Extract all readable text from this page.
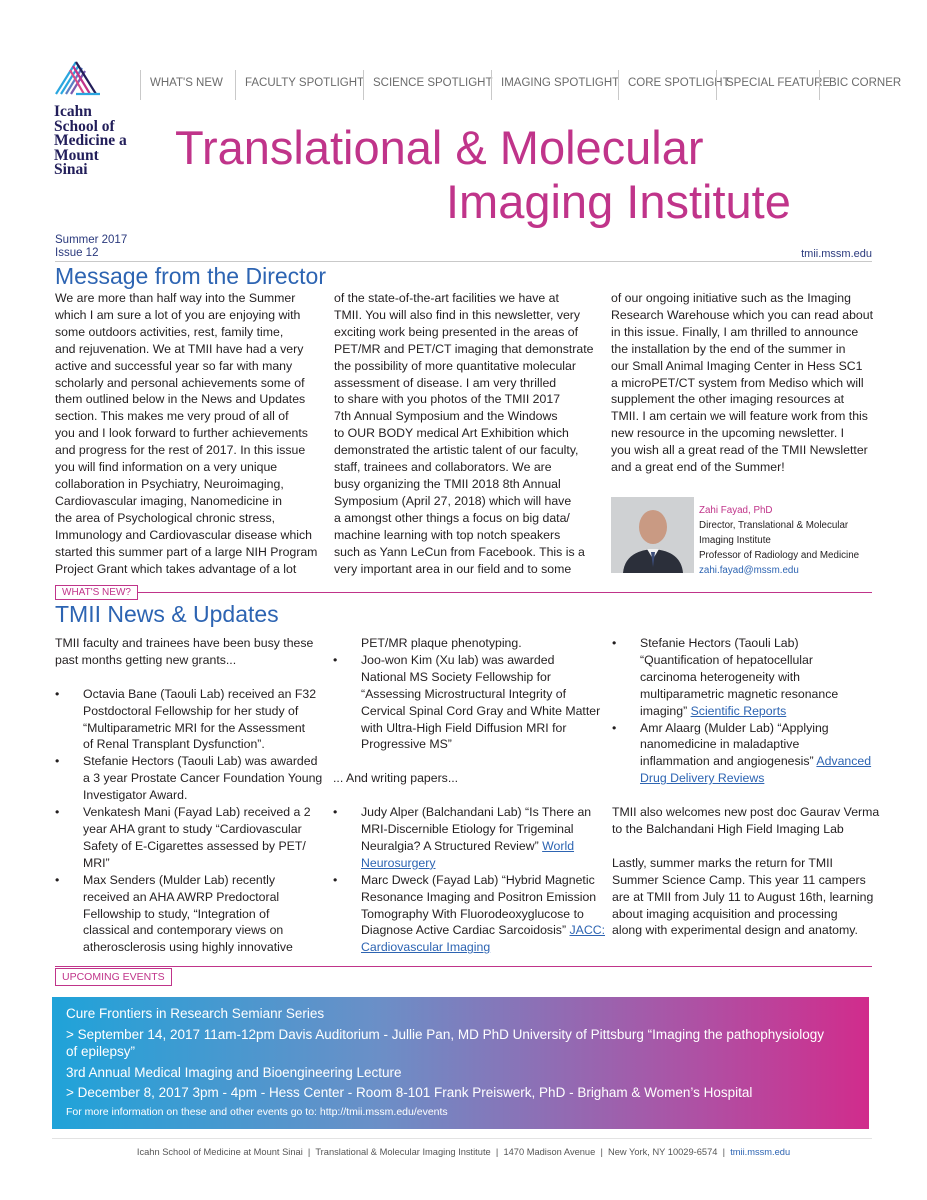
Icahn
School of
Medicine a
Mount
Sinai
WHAT'S NEW	FACULTY SPOTLIGHT SCIENCE SPOTLIGHT IMAGING SPOTLIGHT CORE SPOTLIGHT
SPECIAL FEATURE
BIC CORNER
Translational & Molecular
Imaging Institute
Summer 2017
Issue 12	tmii.mssm.edu
Message from the Director

We are more than half way into the Summer

which I am sure a lot of you are enjoying with

some outdoors activities, rest, family time,

and rejuvenation. We at TMII have had a very

active and successful year so far with many

scholarly and personal achievements some of

them outlined below in the News and Updates

section. This makes me very proud of all of

you and I look forward to further achievements

and progress for the rest of 2017. In this issue

you will find information on a very unique

collaboration in Psychiatry, Neuroimaging,

Cardiovascular imaging, Nanomedicine in

the area of Psychological chronic stress,

Immunology and Cardiovascular disease which

started this summer part of a large NIH Program

Project Grant which takes advantage of a lot

of the state-of-the-art facilities we have at

TMII. You will also find in this newsletter, very

exciting work being presented in the areas of

PET/MR and PET/CT imaging that demonstrate

the possibility of more quantitative molecular

assessment of disease. I am very thrilled

to share with you photos of the TMII 2017

7th Annual Symposium and the Windows

to OUR BODY medical Art Exhibition which

demonstrated the artistic talent of our faculty,

staff, trainees and collaborators. We are

busy organizing the TMII 2018 8th Annual

Symposium (April 27, 2018) which will have

a amongst other things a focus on big data/

machine learning with top notch speakers

such as Yann LeCun from Facebook. This is a

very important area in our field and to some

of our ongoing initiative such as the Imaging

Research Warehouse which you can read about

in this issue. Finally, I am thrilled to announce

the installation by the end of the summer in

our Small Animal Imaging Center in Hess SC1

a microPET/CT system from Mediso which will

supplement the other imaging resources at

TMII. I am certain we will feature work from this

new resource in the upcoming newsletter. I

you wish all a great read of the TMII Newsletter

and a great end of the Summer!

Zahi Fayad, PhD
Director, Translational & Molecular
Imaging Institute
Professor of Radiology and Medicine
zahi.fayad@mssm.edu
WHAT'S NEW?
TMII News & Updates

TMII faculty and trainees have been busy these

past months getting new grants...

• Octavia Bane (Taouli Lab) received an F32

Postdoctoral Fellowship for her study of

“Multiparametric MRI for the Assessment

of Renal Transplant Dysfunction”.

• Stefanie Hectors (Taouli Lab) was awarded

a 3 year Prostate Cancer Foundation Young

Investigator Award.

• Venkatesh Mani (Fayad Lab) received a 2

year AHA grant to study “Cardiovascular

Safety of E-Cigarettes assessed by PET/

MRI”

• Max Senders (Mulder Lab) recently

received an AHA AWRP Predoctoral

Fellowship to study, “Integration of

classical and contemporary views on

atherosclerosis using highly innovative

PET/MR plaque phenotyping.

• Joo-won Kim (Xu lab) was awarded

National MS Society Fellowship for

“Assessing Microstructural Integrity of

Cervical Spinal Cord Gray and White Matter

with Ultra-High Field Diffusion MRI for

Progressive MS”

... And writing papers...

• Judy Alper (Balchandani Lab) “Is There an

MRI-Discernible Etiology for Trigeminal

Neuralgia? A Structured Review” World

Neurosurgery

• Marc Dweck (Fayad Lab) “Hybrid Magnetic

Resonance Imaging and Positron Emission

Tomography With Fluorodeoxyglucose to

Diagnose Active Cardiac Sarcoidosis” JACC:

Cardiovascular Imaging

• Stefanie Hectors (Taouli Lab)

“Quantification of hepatocellular

carcinoma heterogeneity with

multiparametric magnetic resonance

imaging” Scientific Reports

• Amr Alaarg (Mulder Lab) “Applying

nanomedicine in maladaptive

inflammation and angiogenesis” Advanced

Drug Delivery Reviews

TMII also welcomes new post doc Gaurav Verma

to the Balchandani High Field Imaging Lab

Lastly, summer marks the return for TMII

Summer Science Camp. This year 11 campers

are at TMII from July 11 to August 16th, learning

about imaging acquisition and processing

along with experimental design and anatomy.

UPCOMING EVENTS
Cure Frontiers in Research Semianr Series
> September 14, 2017 11am-12pm Davis Auditorium - Jullie Pan, MD PhD University of Pittsburg “Imaging the pathophysiology
of epilepsy”
3rd Annual Medical Imaging and Bioengineering Lecture
> December 8, 2017 3pm - 4pm - Hess Center - Room 8-101 Frank Preiswerk, PhD - Brigham & Women’s Hospital
For more information on these and other events go to: http://tmii.mssm.edu/events
Icahn School of Medicine at Mount Sinai  |  Translational & Molecular Imaging Institute  |  1470 Madison Avenue  |  New York, NY 10029-6574  |  tmii.mssm.edu
